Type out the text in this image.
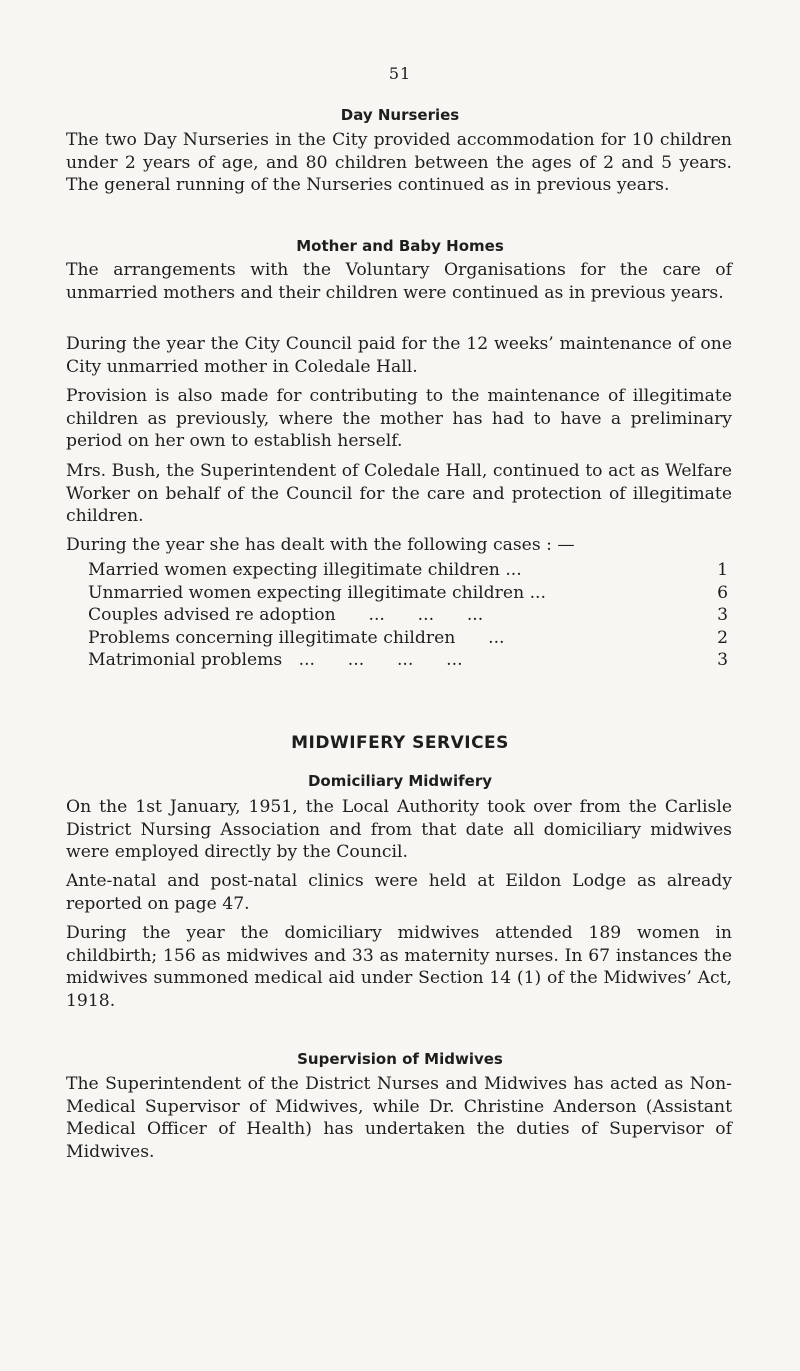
51
Day Nurseries
The two Day Nurseries in the City provided accommodation for 10 children under 2 years of age, and 80 children between the ages of 2 and 5 years. The general running of the Nurseries continued as in previous years.
Mother and Baby Homes
The arrangements with the Voluntary Organisations for the care of unmarried mothers and their children were continued as in previous years.
During the year the City Council paid for the 12 weeks’ maintenance of one City unmarried mother in Coledale Hall.
Provision is also made for contributing to the maintenance of illegitimate children as previously, where the mother has had to have a preliminary period on her own to establish herself.
Mrs. Bush, the Superintendent of Coledale Hall, continued to act as Welfare Worker on behalf of the Council for the care and protection of illegitimate children.
During the year she has dealt with the following cases : —
Married women expecting illegitimate children ...	1
Unmarried women expecting illegitimate children ...	6
Couples advised re adoption      ...      ...      ...	3
Problems concerning illegitimate children      ...	2
Matrimonial problems   ...      ...      ...      ...	3
MIDWIFERY SERVICES
Domiciliary Midwifery
On the 1st January, 1951, the Local Authority took over from the Carlisle District Nursing Association and from that date all domiciliary midwives were employed directly by the Council.
Ante-natal and post-natal clinics were held at Eildon Lodge as already reported on page 47.
During the year the domiciliary midwives attended 189 women in childbirth; 156 as midwives and 33 as maternity nurses. In 67 instances the midwives summoned medical aid under Section 14 (1) of the Midwives’ Act, 1918.
Supervision of Midwives
The Superintendent of the District Nurses and Midwives has acted as Non-Medical Supervisor of Midwives, while Dr. Christine Anderson (Assistant Medical Officer of Health) has undertaken the duties of Supervisor of Midwives.
